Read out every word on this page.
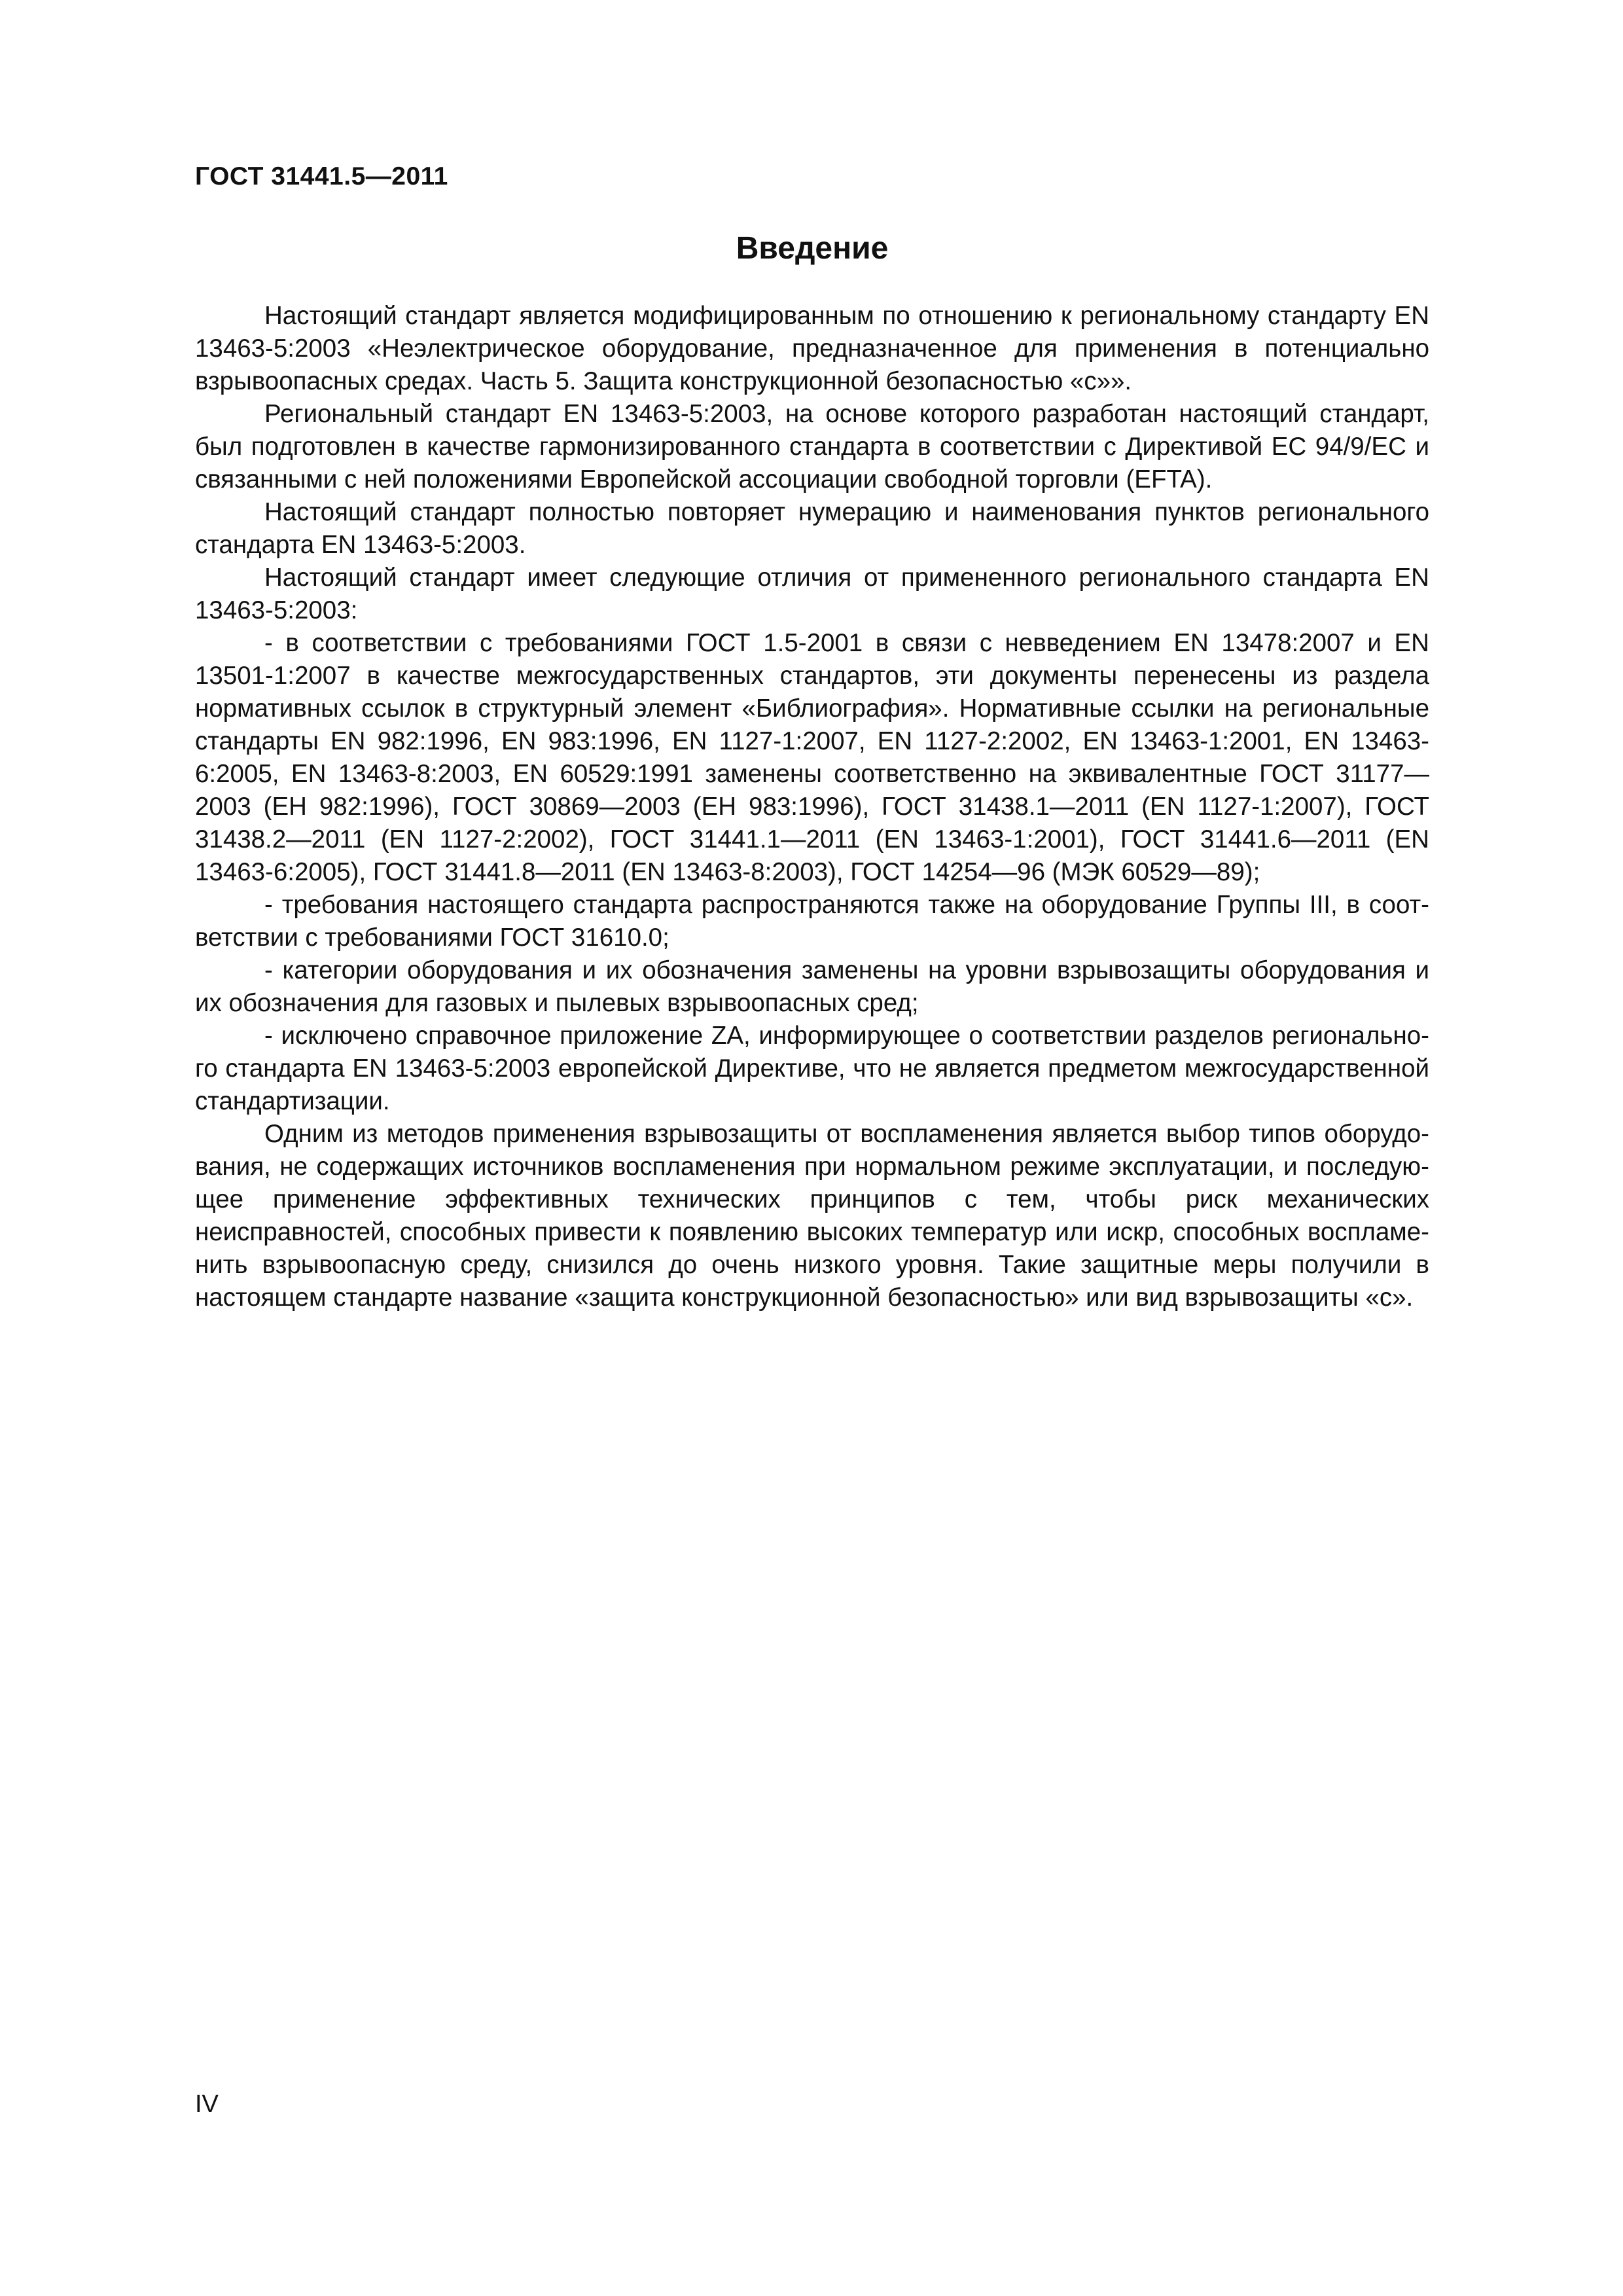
ГОСТ 31441.5—2011

Введение

Настоящий стандарт является модифицированным по отношению к региональному стандарту EN 13463-5:2003 «Неэлектрическое оборудование, предназначенное для применения в потенциально взрывоопасных средах. Часть 5. Защита конструкционной безопасностью «с»».

Региональный стандарт EN 13463-5:2003, на основе которого разработан настоящий стандарт, был подготовлен в качестве гармонизированного стандарта в соответствии с Директивой ЕС 94/9/ЕС и связанными с ней положениями Европейской ассоциации свободной торговли (EFTA).

Настоящий стандарт полностью повторяет нумерацию и наименования пунктов регионального стандарта EN 13463-5:2003.

Настоящий стандарт имеет следующие отличия от примененного регионального стандарта EN 13463-5:2003:

- в соответствии с требованиями ГОСТ 1.5-2001 в связи с невведением EN 13478:2007 и EN 13501-1:2007 в качестве межгосударственных стандартов, эти документы перенесены из раздела нормативных ссылок в структурный элемент «Библиография». Нормативные ссылки на региональные стандарты EN 982:1996, EN 983:1996, EN 1127-1:2007, EN 1127-2:2002, EN 13463-1:2001, EN 13463-6:2005, EN 13463-8:2003, EN 60529:1991 заменены соответственно на эквивалентные ГОСТ 31177—2003 (ЕН 982:1996), ГОСТ 30869—2003 (ЕН 983:1996), ГОСТ 31438.1—2011 (EN 1127-1:2007), ГОСТ 31438.2—2011 (EN 1127-2:2002), ГОСТ 31441.1—2011 (EN 13463-1:2001), ГОСТ 31441.6—2011 (EN 13463-6:2005), ГОСТ 31441.8—2011 (EN 13463-8:2003), ГОСТ 14254—96 (МЭК 60529—89);

- требования настоящего стандарта распространяются также на оборудование Группы III, в соответствии с требованиями ГОСТ 31610.0;

- категории оборудования и их обозначения заменены на уровни взрывозащиты оборудования и их обозначения для газовых и пылевых взрывоопасных сред;

- исключено справочное приложение ZA, информирующее о соответствии разделов регионального стандарта EN 13463-5:2003 европейской Директиве, что не является предметом межгосударственной стандартизации.

Одним из методов применения взрывозащиты от воспламенения является выбор типов оборудования, не содержащих источников воспламенения при нормальном режиме эксплуатации, и последующее применение эффективных технических принципов с тем, чтобы риск механических неисправностей, способных привести к появлению высоких температур или искр, способных воспламенить взрывоопасную среду, снизился до очень низкого уровня. Такие защитные меры получили в настоящем стандарте название «защита конструкционной безопасностью» или вид взрывозащиты «с».

IV
